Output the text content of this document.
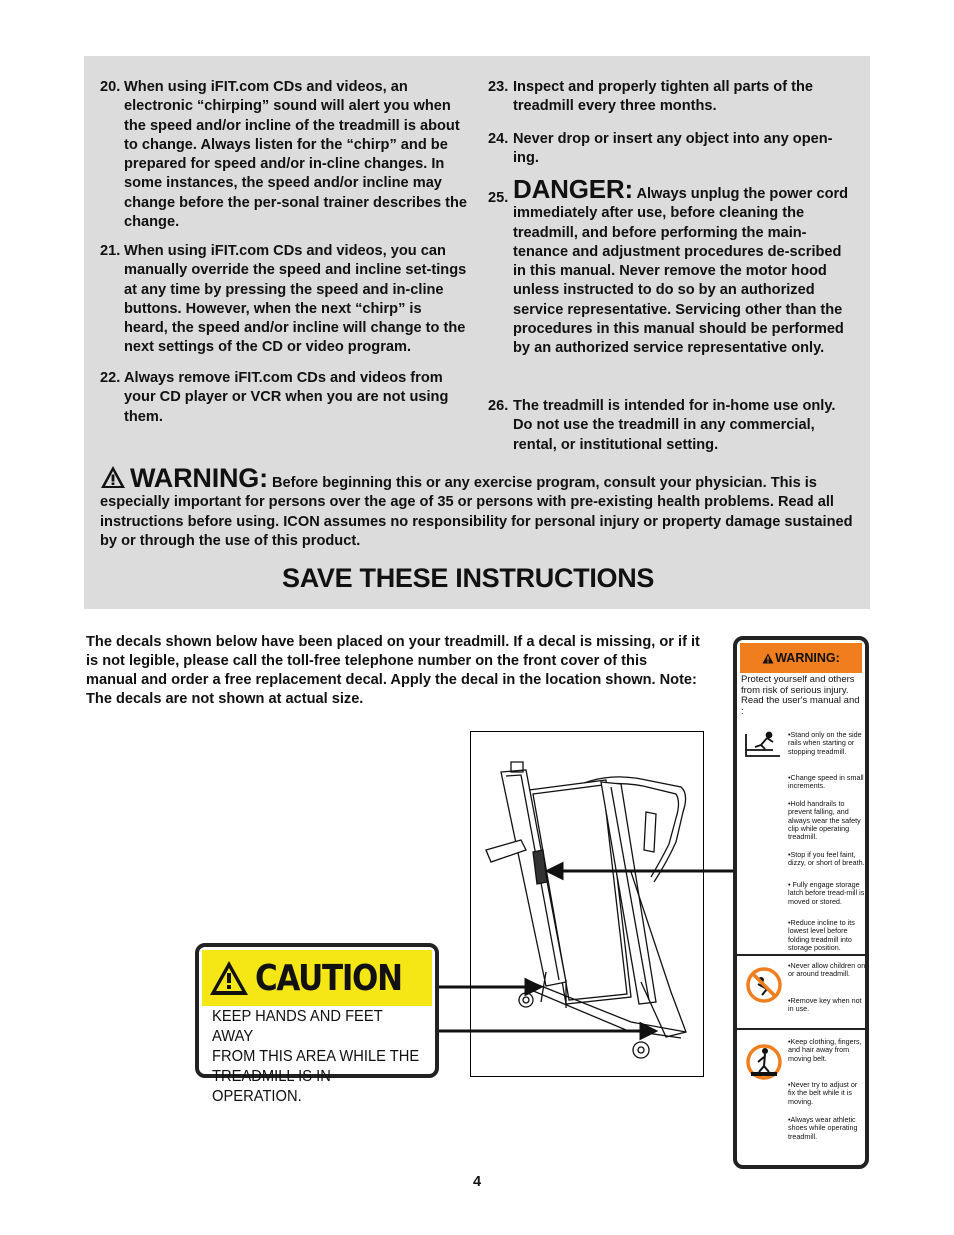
20. When using iFIT.com CDs and videos, an electronic “chirping” sound will alert you when the speed and/or incline of the treadmill is about to change. Always listen for the “chirp” and be prepared for speed and/or in-cline changes. In some instances, the speed and/or incline may change before the per-sonal trainer describes the change.
21. When using iFIT.com CDs and videos, you can manually override the speed and incline set-tings at any time by pressing the speed and in-cline buttons. However, when the next “chirp” is heard, the speed and/or incline will change to the next settings of the CD or video program.
22. Always remove iFIT.com CDs and videos from your CD player or VCR when you are not using them.
23. Inspect and properly tighten all parts of the treadmill every three months.
24. Never drop or insert any object into any open-ing.
25. DANGER: Always unplug the power cord immediately after use, before cleaning the treadmill, and before performing the main-tenance and adjustment procedures de-scribed in this manual. Never remove the motor hood unless instructed to do so by an authorized service representative. Servicing other than the procedures in this manual should be performed by an authorized service representative only.
26. The treadmill is intended for in-home use only. Do not use the treadmill in any commercial, rental, or institutional setting.
WARNING: Before beginning this or any exercise program, consult your physician. This is especially important for persons over the age of 35 or persons with pre-existing health problems. Read all instructions before using. ICON assumes no responsibility for personal injury or property damage sustained by or through the use of this product.
SAVE THESE INSTRUCTIONS
The decals shown below have been placed on your treadmill. If a decal is missing, or if it is not legible, please call the toll-free telephone number on the front cover of this manual and order a free replacement decal. Apply the decal in the location shown. Note: The decals are not shown at actual size.
CAUTION
KEEP HANDS AND FEET AWAY
FROM THIS AREA WHILE THE
TREADMILL IS IN OPERATION.
WARNING:
Protect yourself and others from risk of serious injury. Read the user's manual and :
•Stand only on the side rails when starting or stopping treadmill.
•Change speed in small increments.
•Hold handrails to prevent falling, and always wear the safety clip while operating treadmill.
•Stop if you feel faint, dizzy, or short of breath.
• Fully engage storage latch before tread-mill is moved or stored.
•Reduce incline to its lowest level before folding treadmill into storage position.
•Never allow children on or around treadmill.
•Remove key when not in use.
•Keep clothing, fingers, and hair away from moving belt.
•Never try to adjust or fix the belt while it is moving.
•Always wear athletic shoes while operating treadmill.
4
